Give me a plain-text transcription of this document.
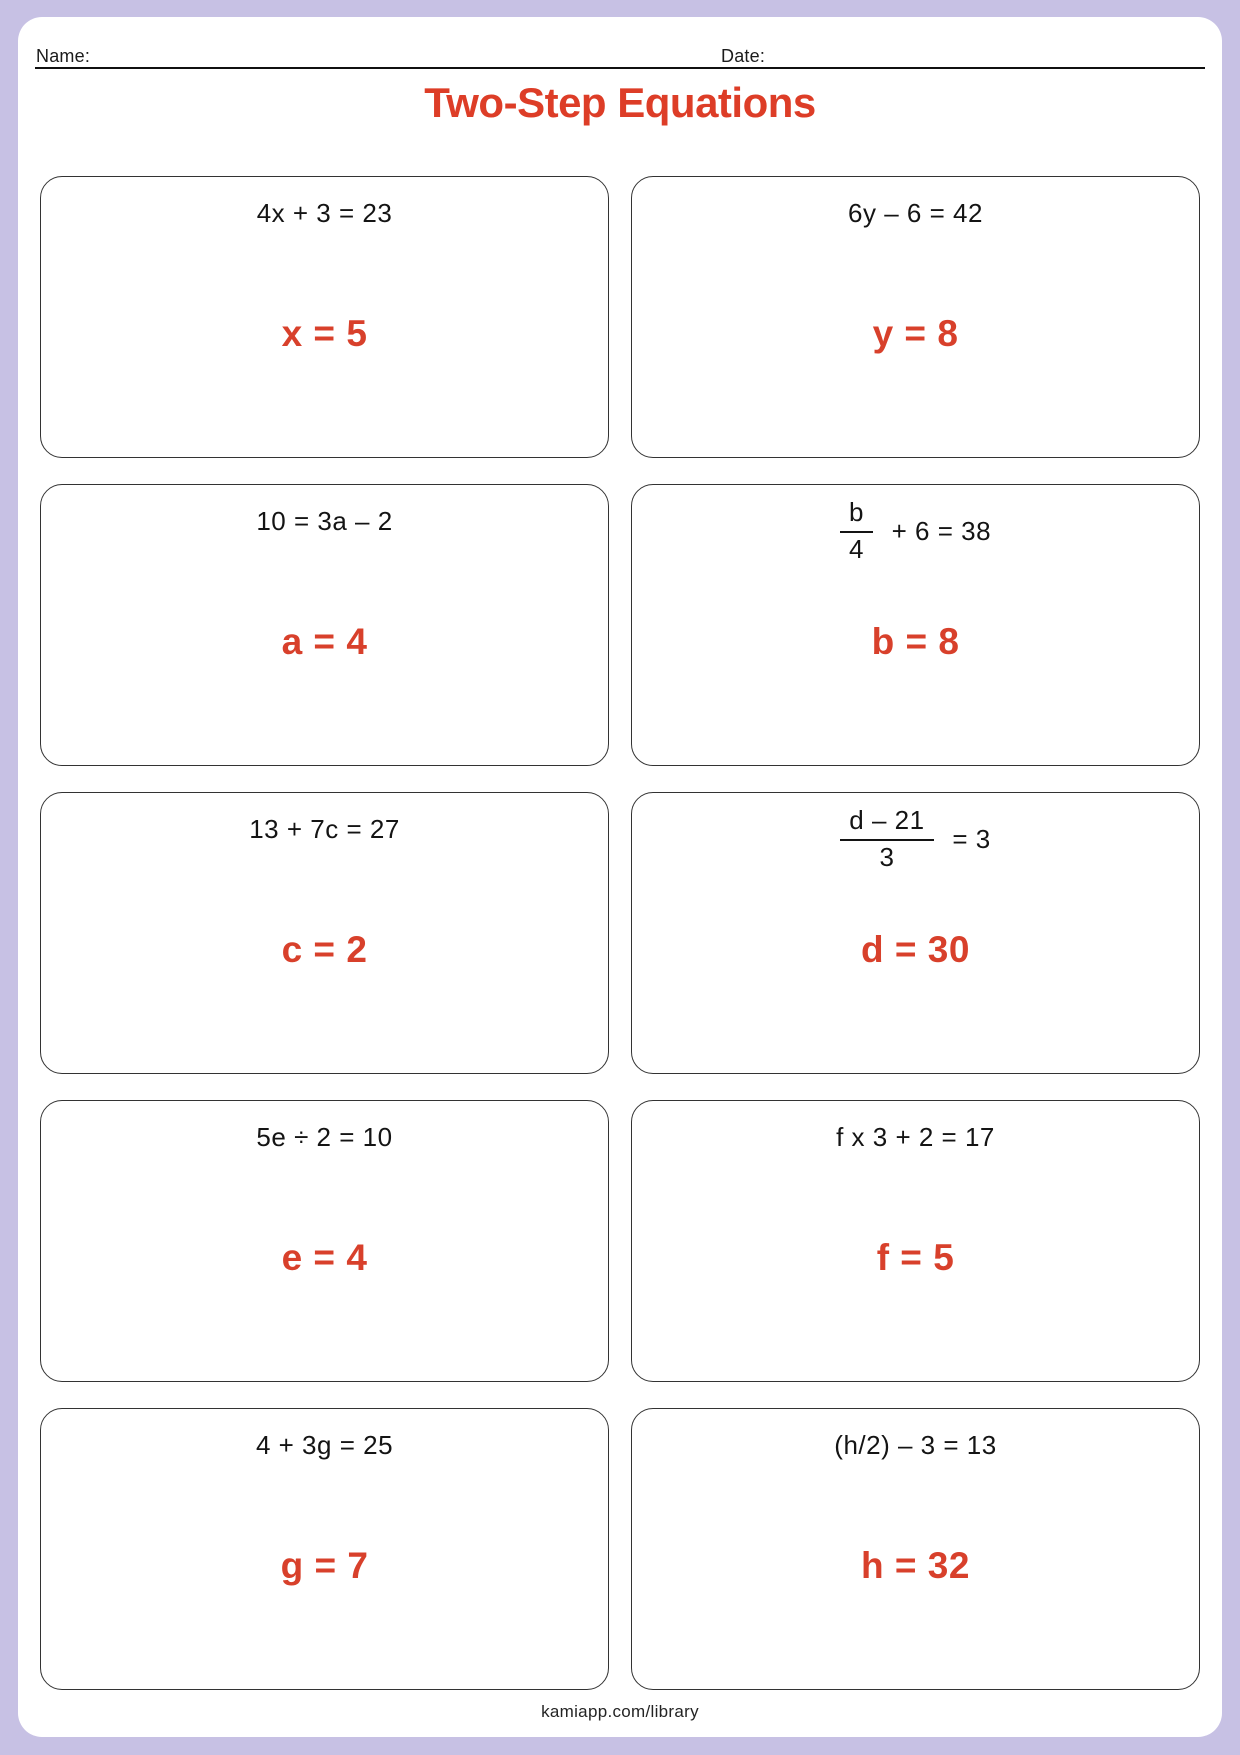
Name:	Date:
Two-Step Equations
4x + 3 = 23
x = 5
6y – 6 = 42
y = 8
10 = 3a – 2
a = 4
$\frac{b}{4} + 6 = 38$
b = 8
13 + 7c = 27
c = 2
$\frac{d - 21}{3} = 3$
d = 30
5e ÷ 2 = 10
e = 4
f x 3 + 2 = 17
f = 5
4 + 3g = 25
g = 7
(h/2) – 3 = 13
h = 32
kamiapp.com/library
